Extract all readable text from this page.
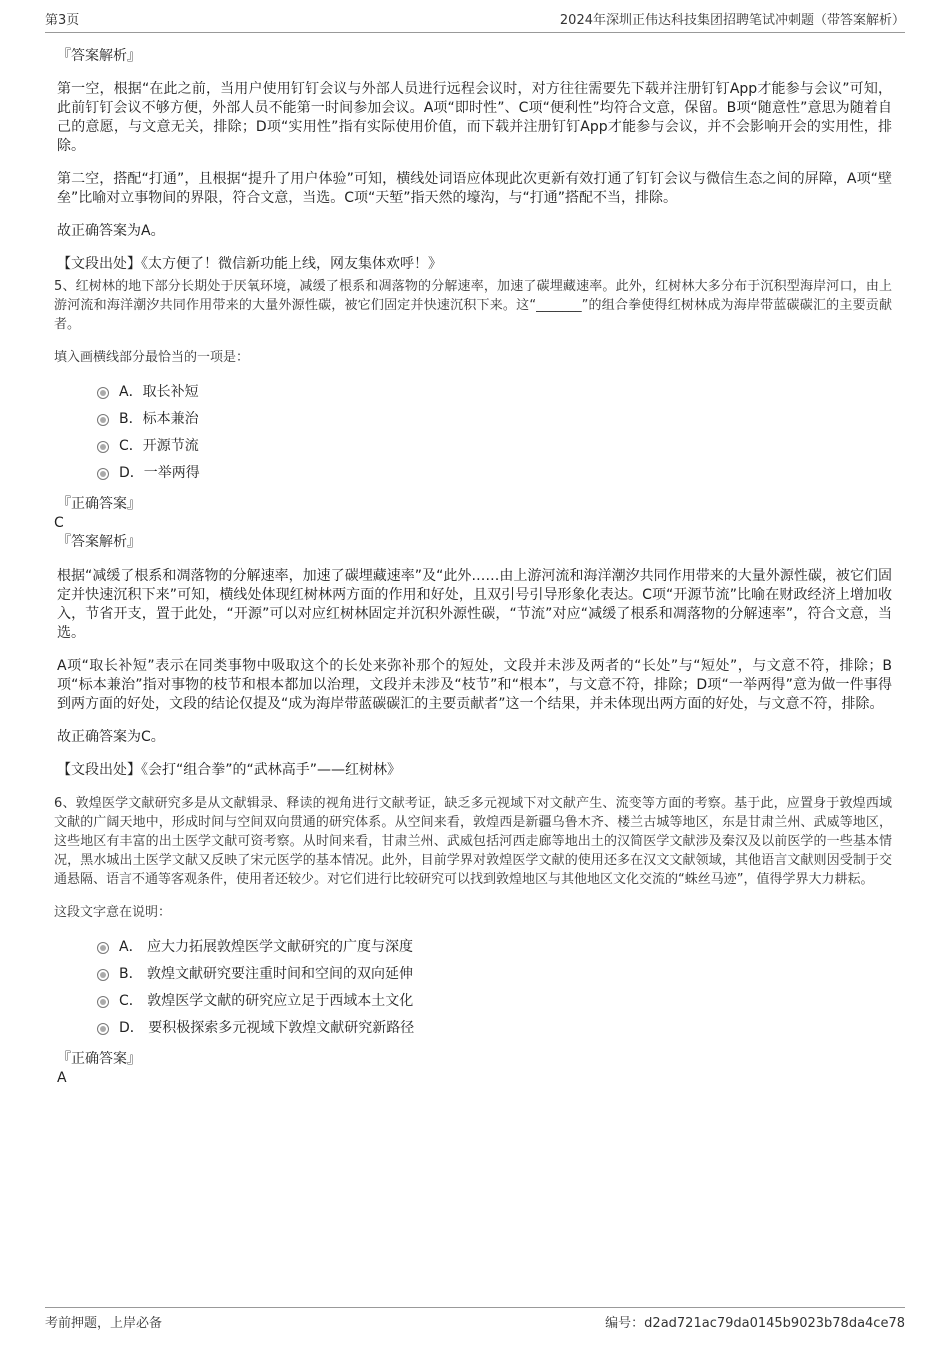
第3页	2024年深圳正伟达科技集团招聘笔试冲刺题（带答案解析）

『答案解析』

第一空，根据“在此之前，当用户使用钉钉会议与外部人员进行远程会议时，对方往往需要先下载并注册钉钉App才能参与会议”可知，此前钉钉会议不够方便，外部人员不能第一时间参加会议。A项“即时性”、C项“便利性”均符合文意，保留。B项“随意性”意思为随着自己的意愿，与文意无关，排除；D项“实用性”指有实际使用价值，而下载并注册钉钉App才能参与会议，并不会影响开会的实用性，排除。

第二空，搭配“打通”，且根据“提升了用户体验”可知，横线处词语应体现此次更新有效打通了钉钉会议与微信生态之间的屏障，A项“壁垒”比喻对立事物间的界限，符合文意，当选。C项“天堑”指天然的壕沟，与“打通”搭配不当，排除。

故正确答案为A。

【文段出处】《太方便了！微信新功能上线，网友集体欢呼！》

5、红树林的地下部分长期处于厌氧环境，减缓了根系和凋落物的分解速率，加速了碳埋藏速率。此外，红树林大多分布于沉积型海岸河口，由上游河流和海洋潮汐共同作用带来的大量外源性碳，被它们固定并快速沉积下来。这“_______”的组合拳使得红树林成为海岸带蓝碳碳汇的主要贡献者。

填入画横线部分最恰当的一项是：

A．取长补短
B．标本兼治
C．开源节流
D．一举两得

『正确答案』

C

『答案解析』

根据“减缓了根系和凋落物的分解速率，加速了碳埋藏速率”及“此外……由上游河流和海洋潮汐共同作用带来的大量外源性碳，被它们固定并快速沉积下来”可知，横线处体现红树林两方面的作用和好处，且双引号引导形象化表达。C项“开源节流”比喻在财政经济上增加收入，节省开支，置于此处，“开源”可以对应红树林固定并沉积外源性碳，“节流”对应“减缓了根系和凋落物的分解速率”，符合文意，当选。

A项“取长补短”表示在同类事物中吸取这个的长处来弥补那个的短处，文段并未涉及两者的“长处”与“短处”，与文意不符，排除；B项“标本兼治”指对事物的枝节和根本都加以治理，文段并未涉及“枝节”和“根本”，与文意不符，排除；D项“一举两得”意为做一件事得到两方面的好处，文段的结论仅提及“成为海岸带蓝碳碳汇的主要贡献者”这一个结果，并未体现出两方面的好处，与文意不符，排除。

故正确答案为C。

【文段出处】《会打“组合拳”的“武林高手”——红树林》

6、敦煌医学文献研究多是从文献辑录、释读的视角进行文献考证，缺乏多元视域下对文献产生、流变等方面的考察。基于此，应置身于敦煌西域文献的广阔天地中，形成时间与空间双向贯通的研究体系。从空间来看，敦煌西是新疆乌鲁木齐、楼兰古城等地区，东是甘肃兰州、武威等地区，这些地区有丰富的出土医学文献可资考察。从时间来看，甘肃兰州、武威包括河西走廊等地出土的汉简医学文献涉及秦汉及以前医学的一些基本情况，黑水城出土医学文献又反映了宋元医学的基本情况。此外，目前学界对敦煌医学文献的使用还多在汉文文献领域，其他语言文献则因受制于交通悬隔、语言不通等客观条件，使用者还较少。对它们进行比较研究可以找到敦煌地区与其他地区文化交流的“蛛丝马迹”，值得学界大力耕耘。

这段文字意在说明：

A． 应大力拓展敦煌医学文献研究的广度与深度
B． 敦煌文献研究要注重时间和空间的双向延伸
C． 敦煌医学文献的研究应立足于西域本土文化
D． 要积极探索多元视域下敦煌文献研究新路径

『正确答案』

A

考前押题，上岸必备	编号：d2ad721ac79da0145b9023b78da4ce78
